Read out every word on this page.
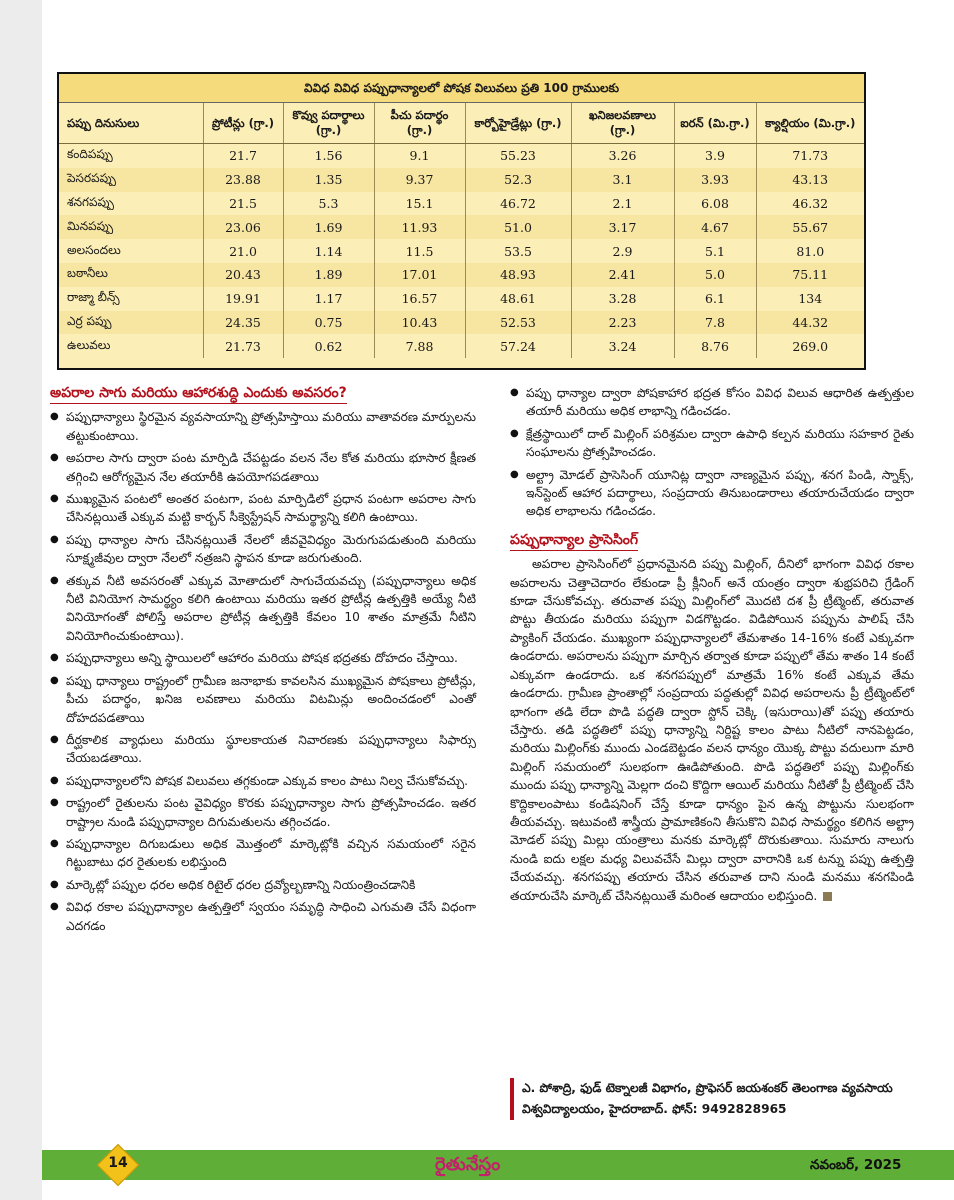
వివిధ వివిధ పప్పుధాన్యాలలో పోషక విలువలు ప్రతి 100 గ్రాములకు
పప్పు దినుసులు	ప్రోటీన్లు (గ్రా.)	కొవ్వు పదార్థాలు (గ్రా.)	పీచు పదార్థం (గ్రా.)	కార్బోహైడ్రేట్లు (గ్రా.)	ఖనిజలవణాలు (గ్రా.)	ఐరన్ (మి.గ్రా.)	క్యాల్షియం (మి.గ్రా.)
కందిపప్పు	21.7	1.56	9.1	55.23	3.26	3.9	71.73
పెసరపప్పు	23.88	1.35	9.37	52.3	3.1	3.93	43.13
శనగపప్పు	21.5	5.3	15.1	46.72	2.1	6.08	46.32
మినపప్పు	23.06	1.69	11.93	51.0	3.17	4.67	55.67
అలసందలు	21.0	1.14	11.5	53.5	2.9	5.1	81.0
బఠానీలు	20.43	1.89	17.01	48.93	2.41	5.0	75.11
రాజ్మా బీన్స్	19.91	1.17	16.57	48.61	3.28	6.1	134
ఎర్ర పప్పు	24.35	0.75	10.43	52.53	2.23	7.8	44.32
ఉలువలు	21.73	0.62	7.88	57.24	3.24	8.76	269.0
అపరాల సాగు మరియు ఆహారశుద్ధి ఎందుకు అవసరం?
● పప్పుధాన్యాలు స్థిరమైన వ్యవసాయాన్ని ప్రోత్సహిస్తాయి మరియు వాతావరణ మార్పులను తట్టుకుంటాయి.
● అపరాల సాగు ద్వారా పంట మార్పిడి చేపట్టడం వలన నేల కోత మరియు భూసార క్షీణత తగ్గించి ఆరోగ్యమైన నేల తయారీకి ఉపయోగపడతాయి
● ముఖ్యమైన పంటలో అంతర పంటగా, పంట మార్పిడిలో ప్రధాన పంటగా అపరాల సాగు చేసినట్లయితే ఎక్కువ మట్టి కార్బన్ సీక్వెస్ట్రేషన్ సామర్థ్యాన్ని కలిగి ఉంటాయి.
● పప్పు ధాన్యాల సాగు చేసినట్లయితే నేలలో జీవవైవిధ్యం మెరుగుపడుతుంది మరియు సూక్ష్మజీవుల ద్వారా నేలలో నత్రజని స్థాపన కూడా జరుగుతుంది.
● తక్కువ నీటి అవసరంతో ఎక్కువ మోతాదులో సాగుచేయవచ్చు (పప్పుధాన్యాలు అధిక నీటి వినియోగ సామర్థ్యం కలిగి ఉంటాయి మరియు ఇతర ప్రోటీన్ల ఉత్పత్తికి అయ్యే నీటి వినియోగంతో పోలిస్తే అపరాల ప్రోటీన్ల ఉత్పత్తికి కేవలం 10 శాతం మాత్రమే నీటిని వినియోగించుకుంటాయి).
● పప్పుధాన్యాలు అన్ని స్థాయిలలో ఆహారం మరియు పోషక భద్రతకు దోహదం చేస్తాయి.
● పప్పు ధాన్యాలు రాష్ట్రంలో గ్రామీణ జనాభాకు కావలసిన ముఖ్యమైన పోషకాలు ప్రోటీన్లు, పీచు పదార్థం, ఖనిజ లవణాలు మరియు విటమిన్లు అందించడంలో ఎంతో దోహదపడతాయి
● దీర్ఘకాలిక వ్యాధులు మరియు స్థూలకాయత నివారణకు పప్పుధాన్యాలు సిఫార్సు చేయబడతాయి.
● పప్పుధాన్యాలలోని పోషక విలువలు తగ్గకుండా ఎక్కువ కాలం పాటు నిల్వ చేసుకోవచ్చు.
● రాష్ట్రంలో రైతులను పంట వైవిధ్యం కొరకు పప్పుధాన్యాల సాగు ప్రోత్సహించడం. ఇతర రాష్ట్రాల నుండి పప్పుధాన్యాల దిగుమతులను తగ్గించడం.
● పప్పుధాన్యాల దిగుబడులు అధిక మొత్తంలో మార్కెట్లోకి వచ్చిన సమయంలో సరైన గిట్టుబాటు ధర రైతులకు లభిస్తుంది
● మార్కెట్లో పప్పుల ధరల అధిక రిటైల్ ధరల ద్రవ్యోల్బణాన్ని నియంత్రించడానికి
● వివిధ రకాల పప్పుధాన్యాల ఉత్పత్తిలో స్వయం సమృద్ధి సాధించి ఎగుమతి చేసే విధంగా ఎదగడం
● పప్పు ధాన్యాల ద్వారా పోషకాహార భద్రత కోసం వివిధ విలువ ఆధారిత ఉత్పత్తుల తయారీ మరియు అధిక లాభాన్ని గడించడం.
● క్షేత్రస్థాయిలో దాల్ మిల్లింగ్ పరిశ్రమల ద్వారా ఉపాధి కల్పన మరియు సహకార రైతు సంఘాలను ప్రోత్సహించడం.
● అల్ట్రా మోడల్ ప్రాసెసింగ్ యూనిట్ల ద్వారా నాణ్యమైన పప్పు, శనగ పిండి, స్నాక్స్, ఇన్‌స్టెంట్ ఆహార పదార్థాలు, సంప్రదాయ తినుబండారాలు తయారుచేయడం ద్వారా అధిక లాభాలను గడించడం.
పప్పుధాన్యాల ప్రాసెసింగ్

అపరాల ప్రాసెసింగ్‌లో ప్రధానమైనది పప్పు మిల్లింగ్, దీనిలో భాగంగా వివిధ రకాల అపరాలను చెత్తాచెదారం లేకుండా ప్రీ క్లీనింగ్ అనే యంత్రం ద్వారా శుభ్రపరిచి గ్రేడింగ్ కూడా చేసుకోవచ్చు. తరువాత పప్పు మిల్లింగ్‌లో మొదటి దశ ప్రీ ట్రీట్మెంట్, తరువాత పొట్టు తీయడం మరియు పప్పుగా విడగొట్టడం. విడిపోయిన పప్పును పాలిష్ చేసి ప్యాకింగ్ చేయడం. ముఖ్యంగా పప్పుధాన్యాలలో తేమశాతం 14-16% కంటే ఎక్కువగా ఉండరాదు. అపరాలను పప్పుగా మార్చిన తర్వాత కూడా పప్పులో తేమ శాతం 14 కంటే ఎక్కువగా ఉండరాదు. ఒక శనగపప్పులో మాత్రమే 16% కంటే ఎక్కువ తేమ ఉండరాదు. గ్రామీణ ప్రాంతాల్లో సంప్రదాయ పద్ధతుల్లో వివిధ అపరాలను ప్రీ ట్రీట్మెంట్‌లో భాగంగా తడి లేదా పొడి పద్ధతి ద్వారా స్టోన్ చెక్కి (ఇసురాయి)తో పప్పు తయారు చేస్తారు. తడి పద్ధతిలో పప్పు ధాన్యాన్ని నిర్దిష్ట కాలం పాటు నీటిలో నానపెట్టడం, మరియు మిల్లింగ్‌కు ముందు ఎండబెట్టడం వలన ధాన్యం యొక్క పొట్టు వదులుగా మారి మిల్లింగ్ సమయంలో సులభంగా ఊడిపోతుంది. పొడి పద్ధతిలో పప్పు మిల్లింగ్‌కు ముందు పప్పు ధాన్యాన్ని మెల్లగా దంచి కొద్దిగా ఆయిల్ మరియు నీటితో ప్రీ ట్రీట్మెంట్ చేసి కొద్దికాలంపాటు కండిషనింగ్ చేస్తే కూడా ధాన్యం పైన ఉన్న పొట్టును సులభంగా తీయవచ్చు. ఇటువంటి శాస్త్రీయ ప్రామాణికంని తీసుకొని వివిధ సామర్థ్యం కలిగిన అల్ట్రా మోడల్ పప్పు మిల్లు యంత్రాలు మనకు మార్కెట్లో దొరుకుతాయి. సుమారు నాలుగు నుండి ఐదు లక్షల మధ్య విలువచేసే మిల్లు ద్వారా వారానికి ఒక టన్ను పప్పు ఉత్పత్తి చేయవచ్చు. శనగపప్పు తయారు చేసిన తరువాత దాని నుండి మనము శనగపిండి తయారుచేసి మార్కెట్ చేసినట్లయితే మరింత ఆదాయం లభిస్తుంది.

ఎ. పోశాద్రి, ఫుడ్ టెక్నాలజీ విభాగం, ప్రొఫెసర్ జయశంకర్ తెలంగాణ వ్యవసాయ విశ్వవిద్యాలయం, హైదరాబాద్. ఫోన్: 9492828965
14	రైతునేస్తం	నవంబర్, 2025
